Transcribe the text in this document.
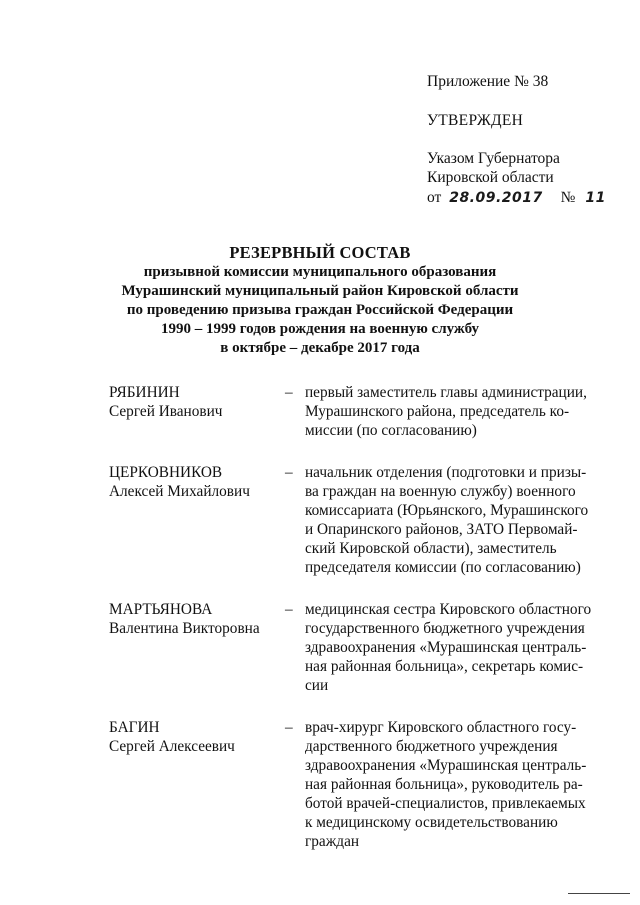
Приложение № 38
УТВЕРЖДЕН
Указом Губернатора
Кировской области
от 28.09.2017 № 11
РЕЗЕРВНЫЙ СОСТАВ
призывной комиссии муниципального образования
Мурашинский муниципальный район Кировской области
по проведению призыва граждан Российской Федерации
1990 – 1999 годов рождения на военную службу
в октябре – декабре 2017 года
РЯБИНИН
Сергей Иванович
– первый заместитель главы администрации,
Мурашинского района, председатель ко-
миссии (по согласованию)
ЦЕРКОВНИКОВ
Алексей Михайлович
– начальник отделения (подготовки и призы-
ва граждан на военную службу) военного
комиссариата (Юрьянского, Мурашинского
и Опаринского районов, ЗАТО Первомай-
ский Кировской области), заместитель
председателя комиссии (по согласованию)
МАРТЬЯНОВА
Валентина Викторовна
– медицинская сестра Кировского областного
государственного бюджетного учреждения
здравоохранения «Мурашинская централь-
ная районная больница», секретарь комис-
сии
БАГИН
Сергей Алексеевич
– врач-хирург Кировского областного госу-
дарственного бюджетного учреждения
здравоохранения «Мурашинская централь-
ная районная больница», руководитель ра-
ботой врачей-специалистов, привлекаемых
к медицинскому освидетельствованию
граждан
